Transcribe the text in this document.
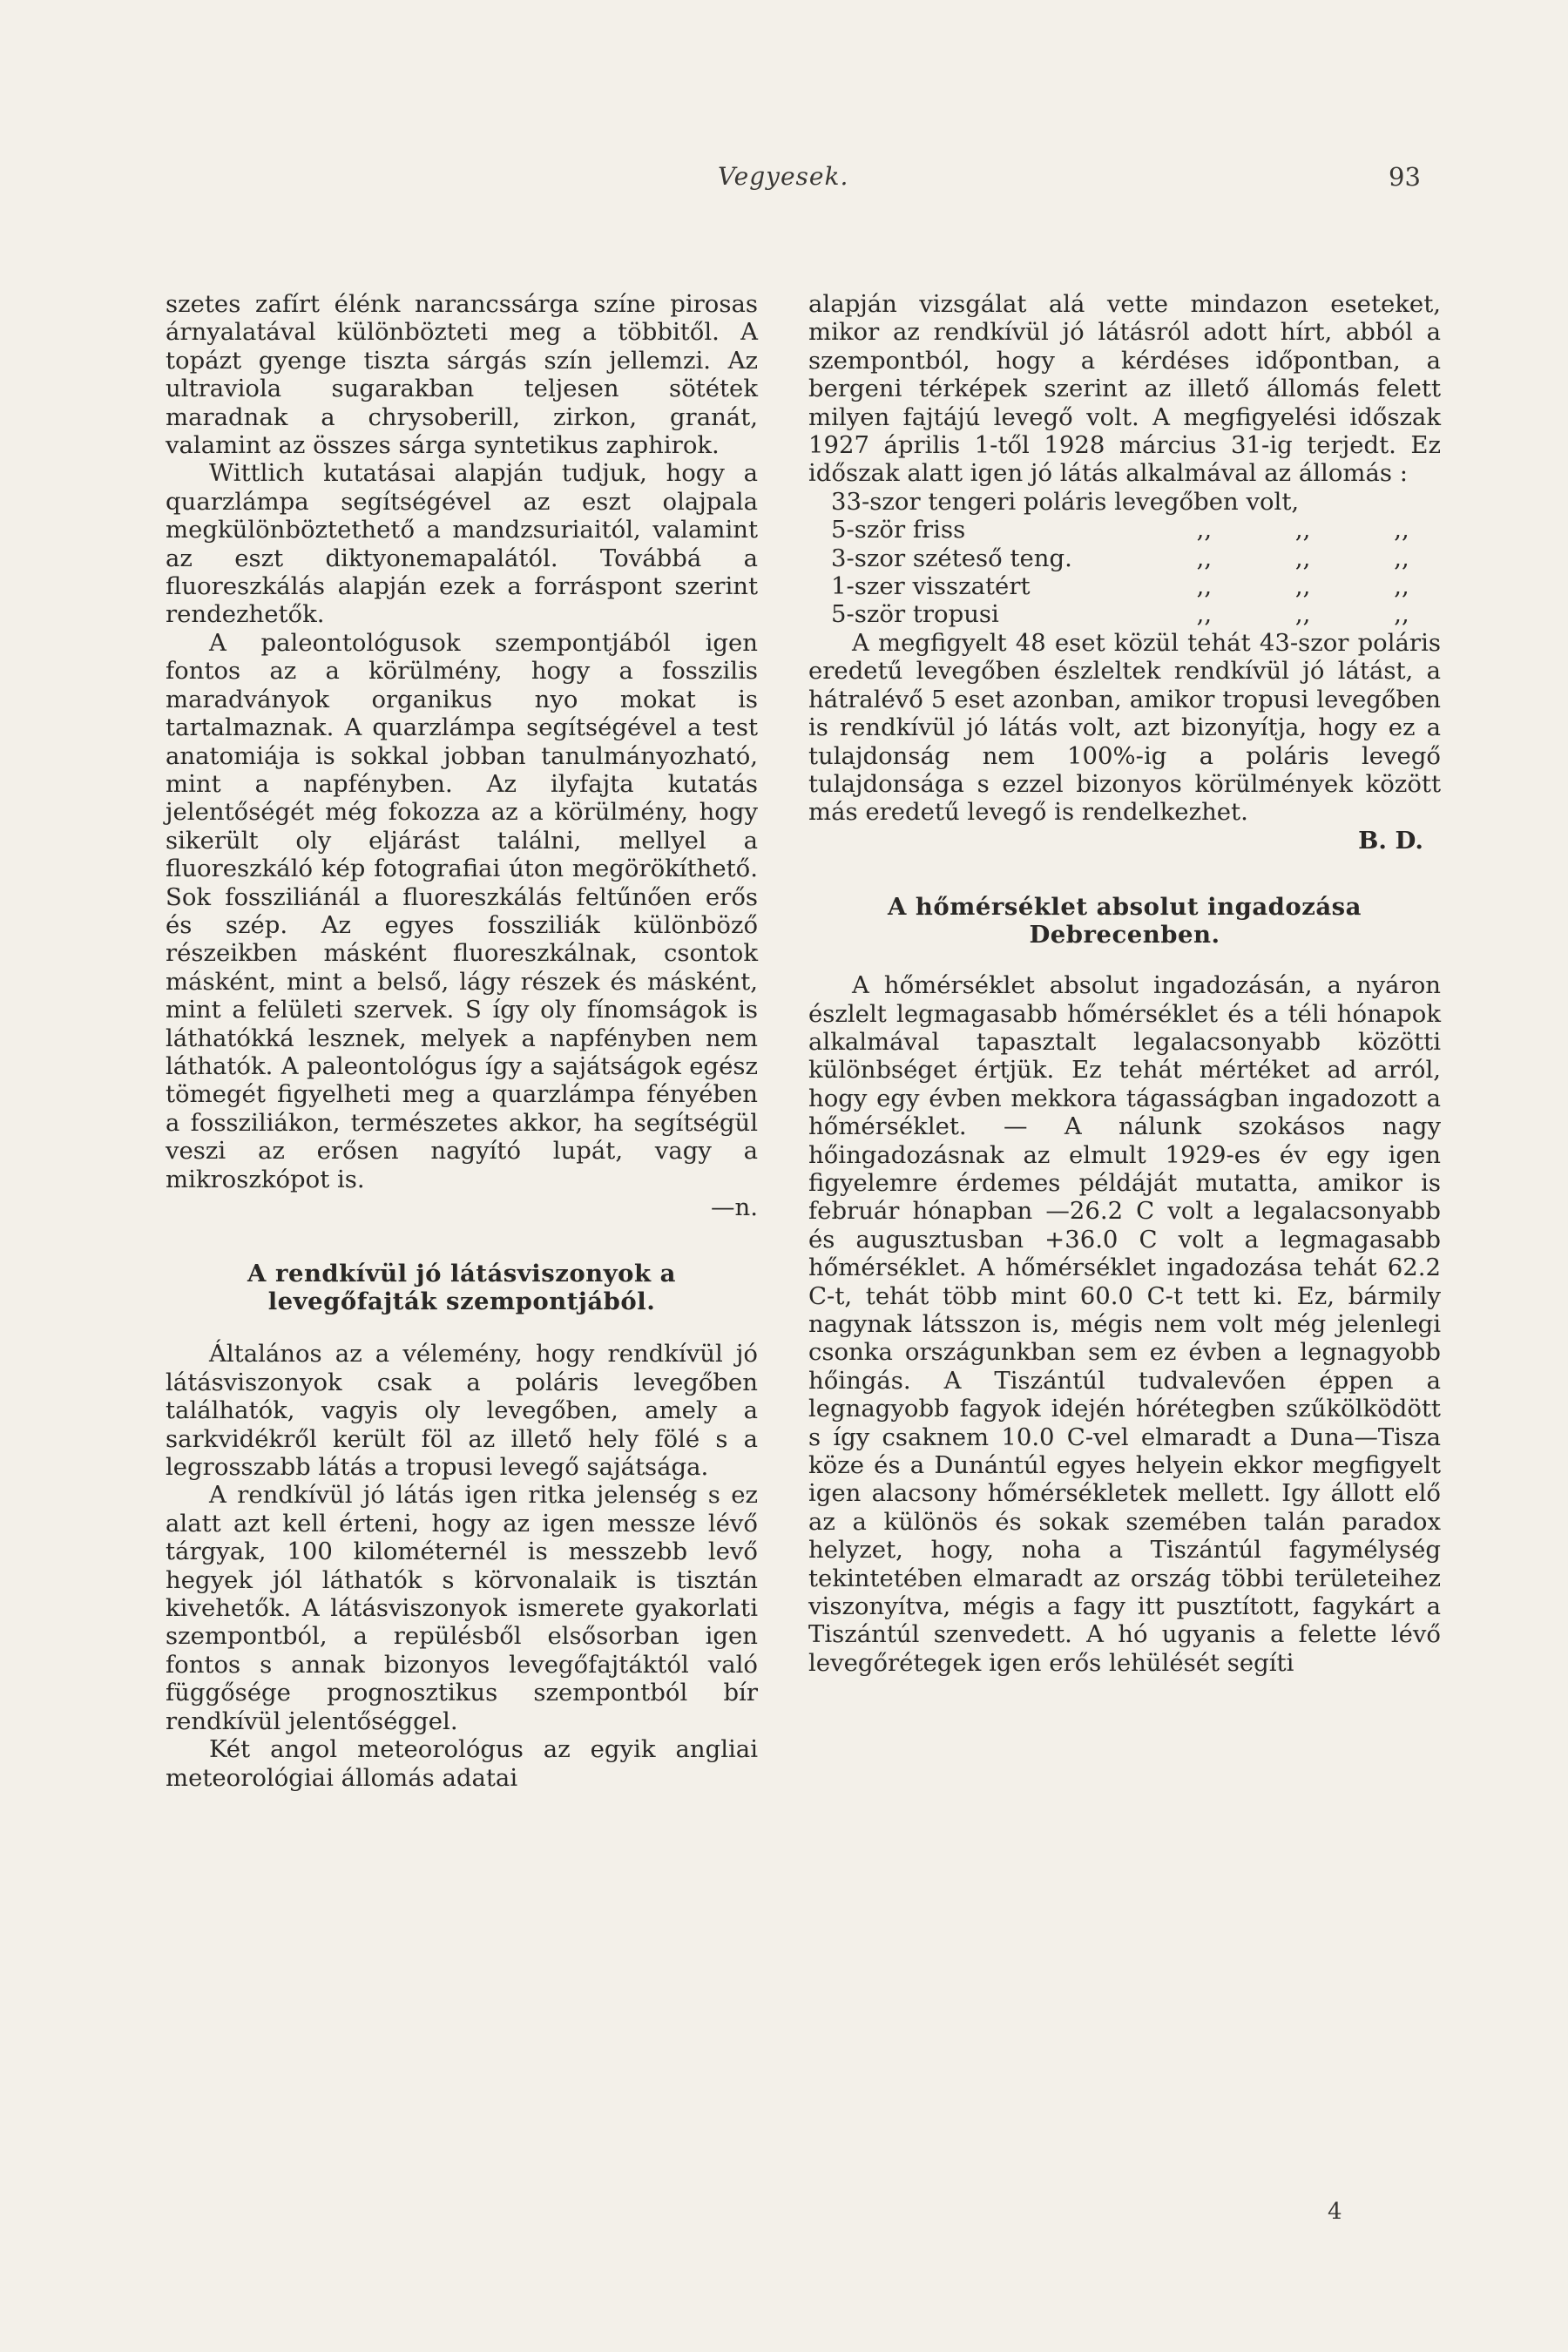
Vegyesek.	93

szetes zafírt élénk narancssárga színe pirosas árnyalatával különbözteti meg a többitől. A topázt gyenge tiszta sárgás szín jellemzi. Az ultraviola sugarakban teljesen sötétek maradnak a chrysoberill, zirkon, granát, valamint az összes sárga syntetikus zaphirok.

Wittlich kutatásai alapján tudjuk, hogy a quarzlámpa segítségével az eszt olajpala megkülönböztethető a mandzsuriaitól, valamint az eszt diktyonemapalától. Továbbá a fluoreszkálás alapján ezek a forráspont szerint rendezhetők.

A paleontológusok szempontjából igen fontos az a körülmény, hogy a fosszilis maradványok organikus nyo mokat is tartalmaznak. A quarzlámpa segítségével a test anatomiája is sokkal jobban tanulmányozható, mint a napfényben. Az ilyfajta kutatás jelentőségét még fokozza az a körülmény, hogy sikerült oly eljárást találni, mellyel a fluoreszkáló kép fotografiai úton megörökíthető. Sok fossziliánál a fluoreszkálás feltűnően erős és szép. Az egyes fossziliák különböző részeikben másként fluoreszkálnak, csontok másként, mint a belső, lágy részek és másként, mint a felületi szervek. S így oly fínomságok is láthatókká lesznek, melyek a napfényben nem láthatók. A paleontológus így a sajátságok egész tömegét figyelheti meg a quarzlámpa fényében a fossziliákon, természetes akkor, ha segítségül veszi az erősen nagyító lupát, vagy a mikroszkópot is.

—n.
A rendkívül jó látásviszonyok a levegőfajták szempontjából.

Általános az a vélemény, hogy rendkívül jó látásviszonyok csak a poláris levegőben találhatók, vagyis oly levegőben, amely a sarkvidékről került föl az illető hely fölé s a legrosszabb látás a tropusi levegő sajátsága.

A rendkívül jó látás igen ritka jelenség s ez alatt azt kell érteni, hogy az igen messze lévő tárgyak, 100 kilométernél is messzebb levő hegyek jól láthatók s körvonalaik is tisztán kivehetők. A látásviszonyok ismerete gyakorlati szempontból, a repülésből elsősorban igen fontos s annak bizonyos levegőfajtáktól való függősége prognosztikus szempontból bír rendkívül jelentőséggel.

Két angol meteorológus az egyik angliai meteorológiai állomás adatai

alapján vizsgálat alá vette mindazon eseteket, mikor az rendkívül jó látásról adott hírt, abból a szempontból, hogy a kérdéses időpontban, a bergeni térképek szerint az illető állomás felett milyen fajtájú levegő volt. A megfigyelési időszak 1927 április 1-től 1928 március 31-ig terjedt. Ez időszak alatt igen jó látás alkalmával az állomás :

33-szor tengeri poláris levegőben volt,
5-ször friss	,,	,,	,,
3-szor széteső teng.	,,	,,	,,
1-szer visszatért	,,	,,	,,
5-ször tropusi	,,	,,	,,

A megfigyelt 48 eset közül tehát 43-szor poláris eredetű levegőben észleltek rendkívül jó látást, a hátralévő 5 eset azonban, amikor tropusi levegőben is rendkívül jó látás volt, azt bizonyítja, hogy ez a tulajdonság nem 100%-ig a poláris levegő tulajdonsága s ezzel bizonyos körülmények között más eredetű levegő is rendelkezhet.

B. D.
A hőmérséklet absolut ingadozása Debrecenben.

A hőmérséklet absolut ingadozásán, a nyáron észlelt legmagasabb hőmérséklet és a téli hónapok alkalmával tapasztalt legalacsonyabb közötti különbséget értjük. Ez tehát mértéket ad arról, hogy egy évben mekkora tágasságban ingadozott a hőmérséklet. — A nálunk szokásos nagy hőingadozásnak az elmult 1929-es év egy igen figyelemre érdemes példáját mutatta, amikor is február hónapban —26.2 C volt a legalacsonyabb és augusztusban +36.0 C volt a legmagasabb hőmérséklet. A hőmérséklet ingadozása tehát 62.2 C-t, tehát több mint 60.0 C-t tett ki. Ez, bármily nagynak látsszon is, mégis nem volt még jelenlegi csonka országunkban sem ez évben a legnagyobb hőingás. A Tiszántúl tudvalevően éppen a legnagyobb fagyok idején hórétegben szűkölködött s így csaknem 10.0 C-vel elmaradt a Duna—Tisza köze és a Dunántúl egyes helyein ekkor megfigyelt igen alacsony hőmérsékletek mellett. Igy állott elő az a különös és sokak szemében talán paradox helyzet, hogy, noha a Tiszántúl fagymélység tekintetében elmaradt az ország többi területeihez viszonyítva, mégis a fagy itt pusztított, fagykárt a Tiszántúl szenvedett. A hó ugyanis a felette lévő levegőrétegek igen erős lehülését segíti

4
